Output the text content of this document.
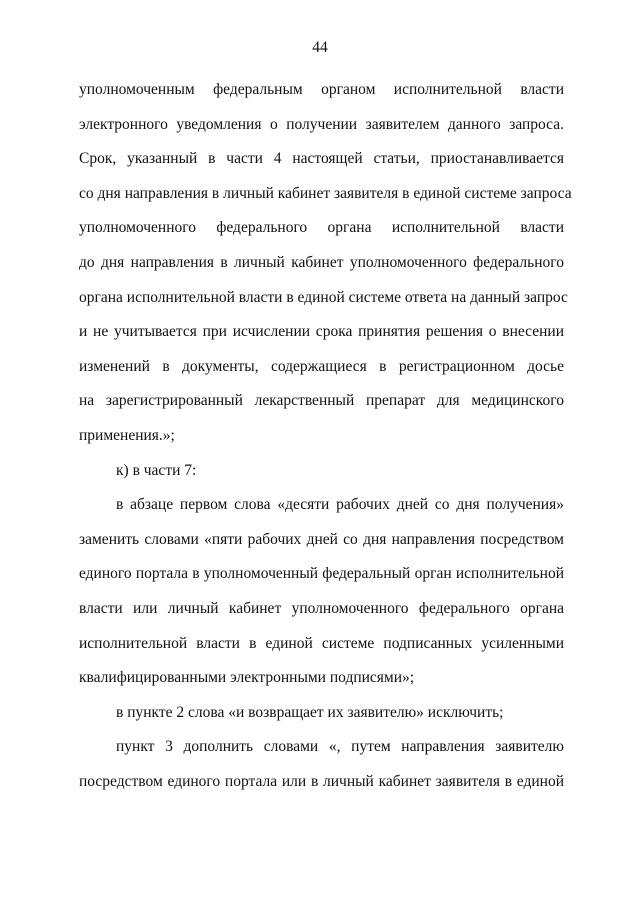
44
уполномоченным федеральным органом исполнительной власти
электронного уведомления о получении заявителем данного запроса.
Срок, указанный в части 4 настоящей статьи, приостанавливается
со дня направления в личный кабинет заявителя в единой системе запроса
уполномоченного федерального органа исполнительной власти
до дня направления в личный кабинет уполномоченного федерального
органа исполнительной власти в единой системе ответа на данный запрос
и не учитывается при исчислении срока принятия решения о внесении
изменений в документы, содержащиеся в регистрационном досье
на зарегистрированный лекарственный препарат для медицинского
применения.»;
к) в части 7:
в абзаце первом слова «десяти рабочих дней со дня получения»
заменить словами «пяти рабочих дней со дня направления посредством
единого портала в уполномоченный федеральный орган исполнительной
власти или личный кабинет уполномоченного федерального органа
исполнительной власти в единой системе подписанных усиленными
квалифицированными электронными подписями»;
в пункте 2 слова «и возвращает их заявителю» исключить;
пункт 3 дополнить словами «, путем направления заявителю
посредством единого портала или в личный кабинет заявителя в единой
